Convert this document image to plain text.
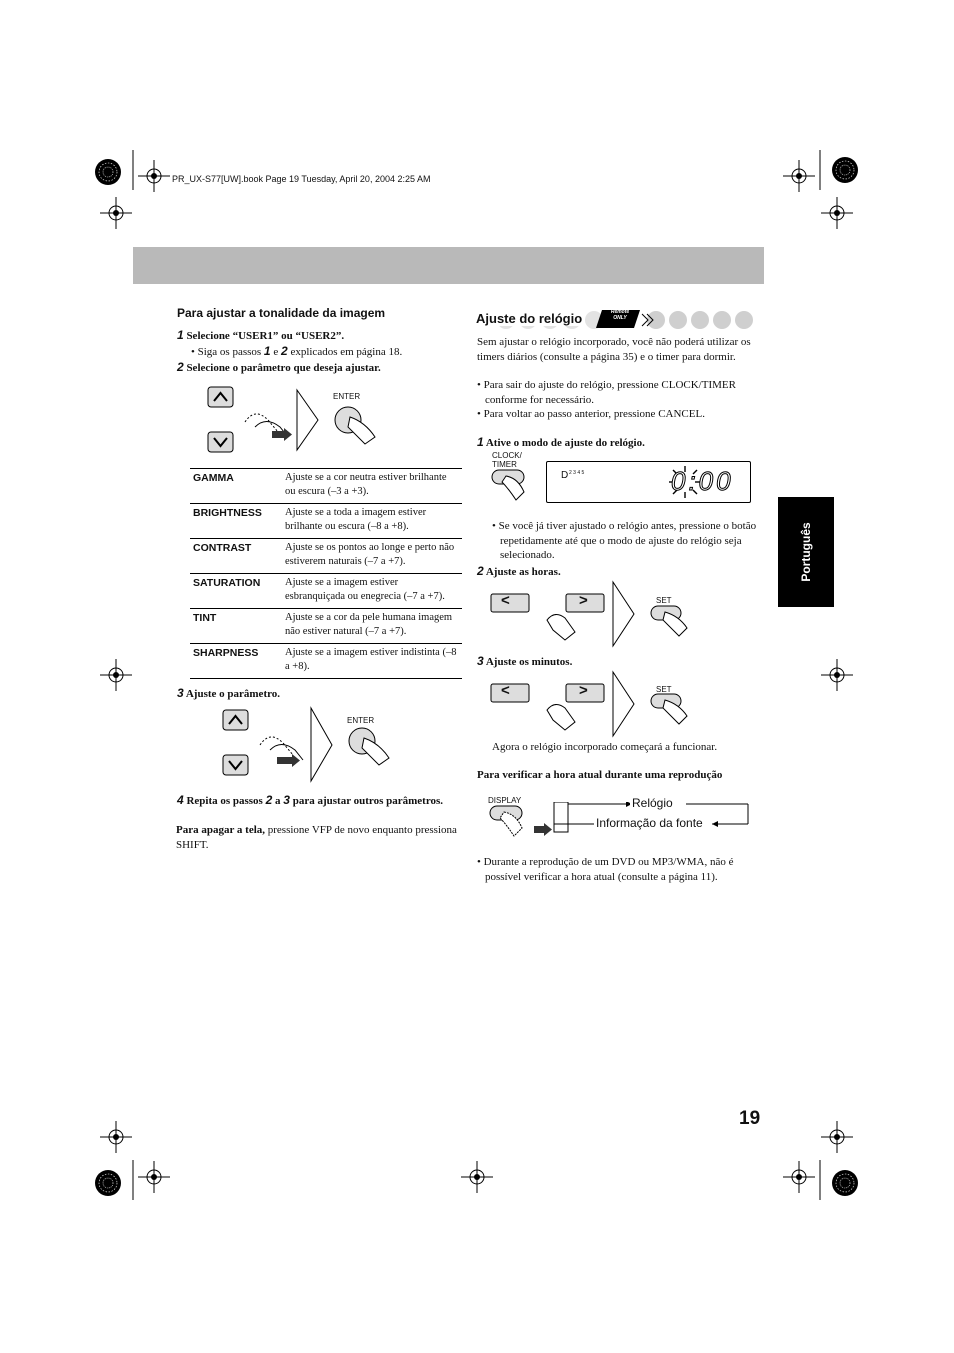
PR_UX-S77[UW].book Page 19 Tuesday, April 20, 2004 2:25 AM
Português
19
Para ajustar a tonalidade da imagem
1 Selecione “USER1” ou “USER2”.
• Siga os passos 1 e 2 explicados em página 18.
2 Selecione o parâmetro que deseja ajustar.
ENTER
GAMMA	Ajuste se a cor neutra estiver brilhante ou escura (–3 a +3).
BRIGHTNESS	Ajuste se a toda a imagem estiver brilhante ou escura (–8 a +8).
CONTRAST	Ajuste se os pontos ao longe e perto não estiverem naturais (–7 a +7).
SATURATION	Ajuste se a imagem estiver esbranquiçada ou enegrecia (–7 a +7).
TINT	Ajuste se a cor da pele humana imagem não estiver natural (–7 a +7).
SHARPNESS	Ajuste se a imagem estiver indistinta (–8 a +8).
3 Ajuste o parâmetro.
ENTER
4 Repita os passos 2 a 3 para ajustar outros parâmetros.
Para apagar a tela, pressione VFP de novo enquanto pressiona SHIFT.
Ajuste do relógio	Remote
ONLY
Sem ajustar o relógio incorporado, você não poderá utilizar os timers diários (consulte a página 35) e o timer para dormir.
• Para sair do ajuste do relógio, pressione CLOCK/TIMER conforme for necessário.
• Para voltar ao passo anterior, pressione CANCEL.
1 Ative o modo de ajuste do relógio.
CLOCK/
TIMER
D 2 3 4 5	0:00
• Se você já tiver ajustado o relógio antes, pressione o botão repetidamente até que o modo de ajuste do relógio seja selecionado.
2 Ajuste as horas.
<	>	SET
3 Ajuste os minutos.
<	>	SET
Agora o relógio incorporado começará a funcionar.
Para verificar a hora atual durante uma reprodução
DISPLAY	Relógio
Informação da fonte
• Durante a reprodução de um DVD ou MP3/WMA, não é possível verificar a hora atual (consulte a página 11).
